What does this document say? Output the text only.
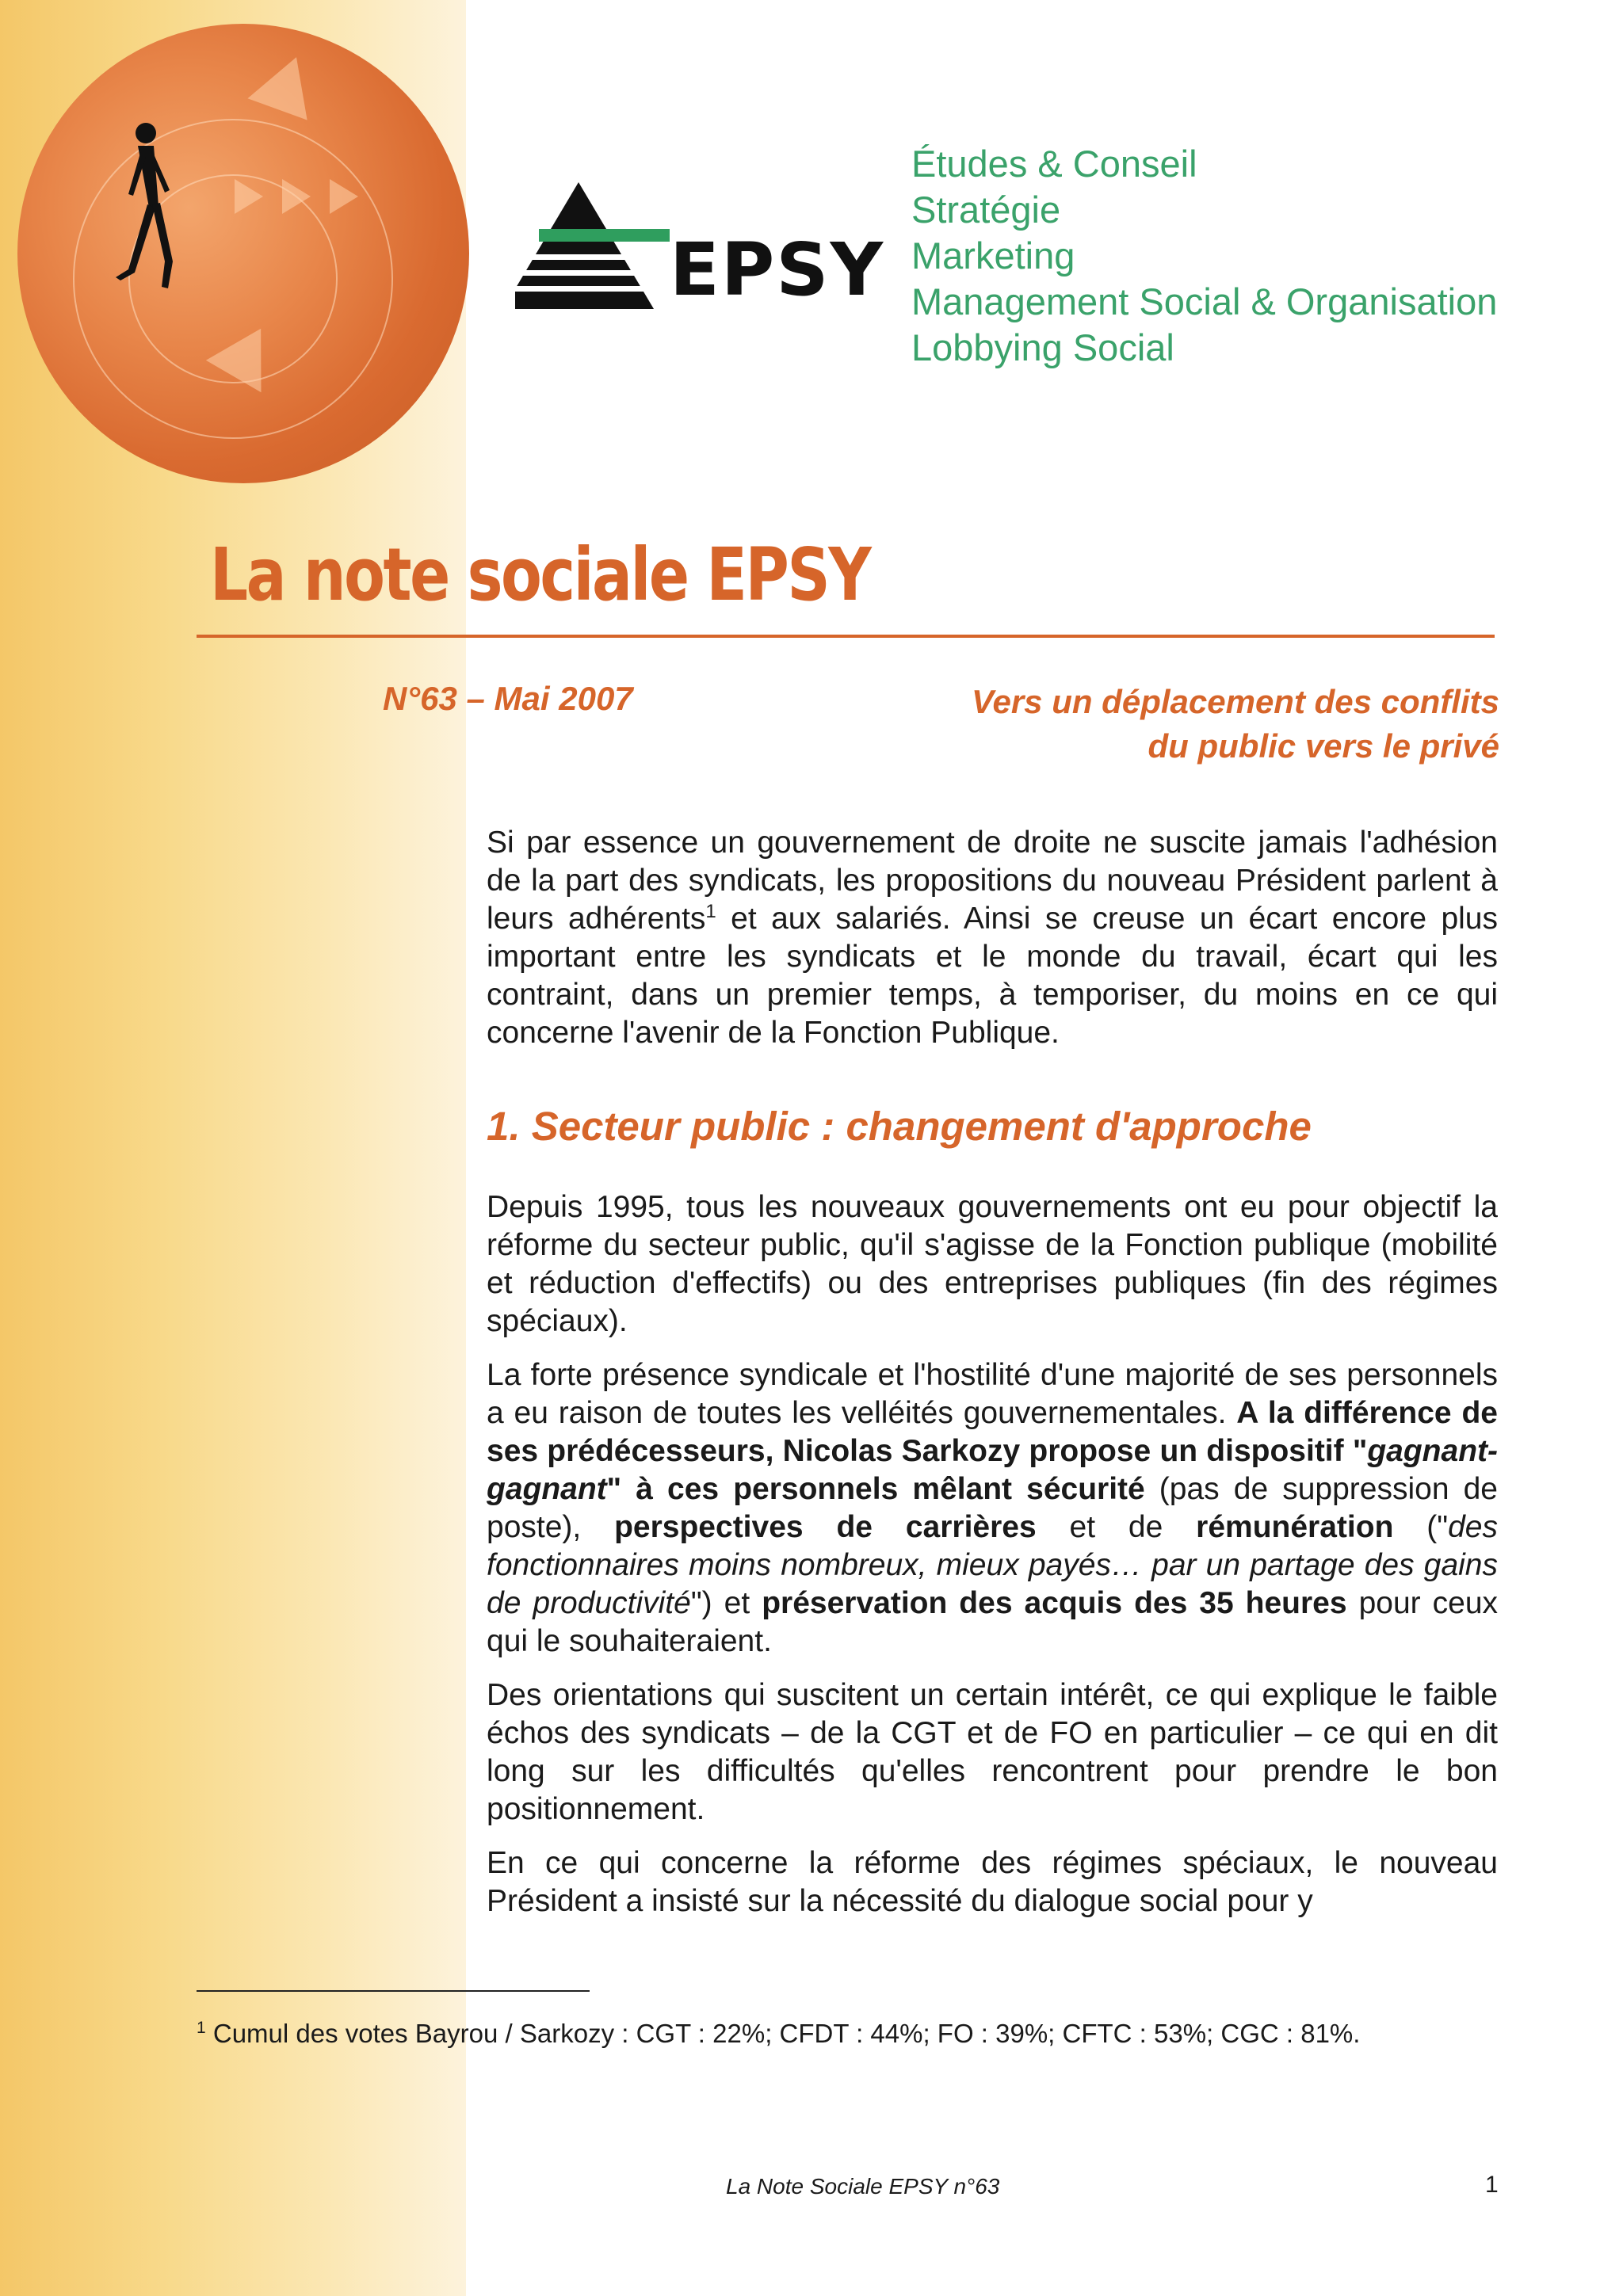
EPSY
Études & Conseil
Stratégie
Marketing
Management Social & Organisation
Lobbying Social
La note sociale EPSY
N°63 – Mai 2007	Vers un déplacement des conflits
du public vers le privé

Si par essence un gouvernement de droite ne suscite jamais l'adhésion de la part des syndicats, les propositions du nouveau Président parlent à leurs adhérents$^1$ et aux salariés. Ainsi se creuse un écart encore plus important entre les syndicats et le monde du travail, écart qui les contraint, dans un premier temps, à temporiser, du moins en ce qui concerne l'avenir de la Fonction Publique.

1. Secteur public : changement d'approche

Depuis 1995, tous les nouveaux gouvernements ont eu pour objectif la réforme du secteur public, qu'il s'agisse de la Fonction publique (mobilité et réduction d'effectifs) ou des entreprises publiques (fin des régimes spéciaux).

La forte présence syndicale et l'hostilité d'une majorité de ses personnels a eu raison de toutes les velléités gouvernementales. A la différence de ses prédécesseurs, Nicolas Sarkozy propose un dispositif "gagnant-gagnant" à ces personnels mêlant sécurité (pas de suppression de poste), perspectives de carrières et de rémunération ("des fonctionnaires moins nombreux, mieux payés… par un partage des gains de productivité") et préservation des acquis des 35 heures pour ceux qui le souhaiteraient.

Des orientations qui suscitent un certain intérêt, ce qui explique le faible échos des syndicats – de la CGT et de FO en particulier – ce qui en dit long sur les difficultés qu'elles rencontrent pour prendre le bon positionnement.

En ce qui concerne la réforme des régimes spéciaux, le nouveau Président a insisté sur la nécessité du dialogue social pour y

$^1$ Cumul des votes Bayrou / Sarkozy : CGT : 22%; CFDT : 44%; FO : 39%; CFTC : 53%; CGC : 81%.
La Note Sociale EPSY n°63	1
